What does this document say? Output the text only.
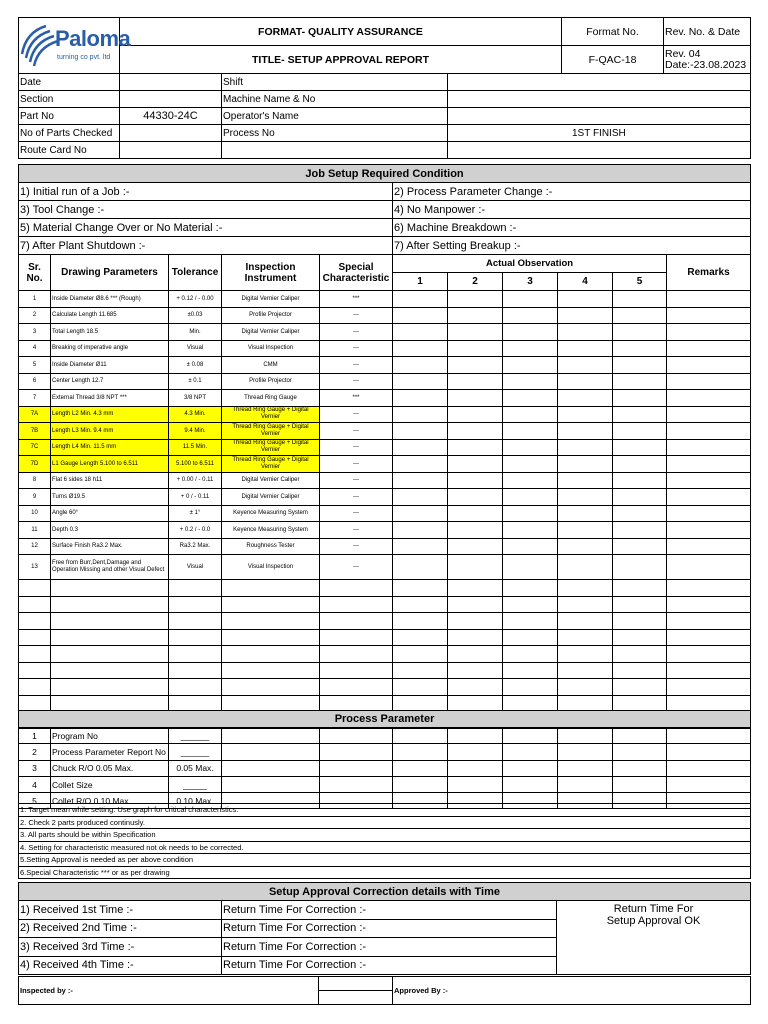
Paloma
turning co pvt. ltd	FORMAT- QUALITY ASSURANCE	Format No.	Rev. No. & Date
	TITLE- SETUP APPROVAL REPORT	F-QAC-18	Rev. 04
Date:-23.08.2023
Date		Shift	
Section		Machine Name & No	
Part No	44330-24C	Operator's Name	
No of Parts Checked		Process No	1ST FINISH
Route Card No			
Job Setup Required Condition	
1) Initial run of a Job :-	2) Process Parameter Change :-
3) Tool Change :-	4) No Manpower :-
5) Material Change Over or No Material :-	6) Machine Breakdown :-
7) After Plant Shutdown :-	7) After Setting Breakup :-
Sr. No.	Drawing Parameters	Tolerance	Inspection Instrument	Special Characteristic	Actual Observation					Remarks
					1	2	3	4	5	
1	Inside Diameter Ø8.6 *** (Rough)	+ 0.12 / - 0.00	Digital Vernier Caliper	***						
2	Calculate Length 11.685	±0.03	Profile Projector	---						
3	Total Length 18.5	Min.	Digital Vernier Caliper	---						
4	Breaking of imperative angle	Visual	Visual Inspection	---						
5	Inside Diameter Ø11	± 0.08	CMM	---						
6	Center Length 12.7	± 0.1	Profile Projector	---						
7	External Thread 3/8 NPT ***	3/8 NPT	Thread Ring Gauge	***						
7A	Length L2 Min. 4.3 mm	4.3 Min.	Thread Ring Gauge + Digital Vernier	---						
7B	Length L3 Min. 9.4 mm	9.4 Min.	Thread Ring Gauge + Digital Vernier	---						
7C	Length L4 Min. 11.5 mm	11.5 Min.	Thread Ring Gauge + Digital Vernier	---						
7D	L1 Gauge Length 5.100 to 6.511	5.100 to 6.511	Thread Ring Gauge + Digital Vernier	---						
8	Flat 6 sides 18 h11	+ 0.00 / - 0.11	Digital Vernier Caliper	---						
9	Turns Ø19.5	+ 0 / - 0.11	Digital Vernier Caliper	---						
10	Angle 60°	± 1°	Keyence Measuring System	---						
11	Depth 0.3	+ 0.2 / - 0.0	Keyence Measuring System	---						
12	Surface Finish Ra3.2 Max.	Ra3.2 Max.	Roughness Tester	---						
13	Free from Burr,Dent,Damage and Operation Missing and other Visual Defect	Visual	Visual Inspection	---						

Process Parameter										
1	Program No	______								
2	Process Parameter Report No	______								
3	Chuck R/O 0.05 Max.	0.05 Max.								
4	Collet Size	_____								
5	Collet R/O 0.10 Max.	0.10 Max.								
1. Target mean while setting. Use graph for critical characteristics.
2. Check 2 parts produced continusly.
3. All parts should be within Specification
4. Setting for characteristic measured not ok needs to be corrected.
5.Setting Approval is needed as per above condition
6.Special Characteristic *** or as per drawing
Setup Approval Correction details with Time		
1) Received 1st Time :-	Return Time For Correction :-	Return Time For
Setup Approval OK

2) Received 2nd Time :-	Return Time For Correction :-	
3) Received 3rd Time :-	Return Time For Correction :-	
4) Received 4th Time :-	Return Time For Correction :-	
Inspected by :-		Approved By :-
